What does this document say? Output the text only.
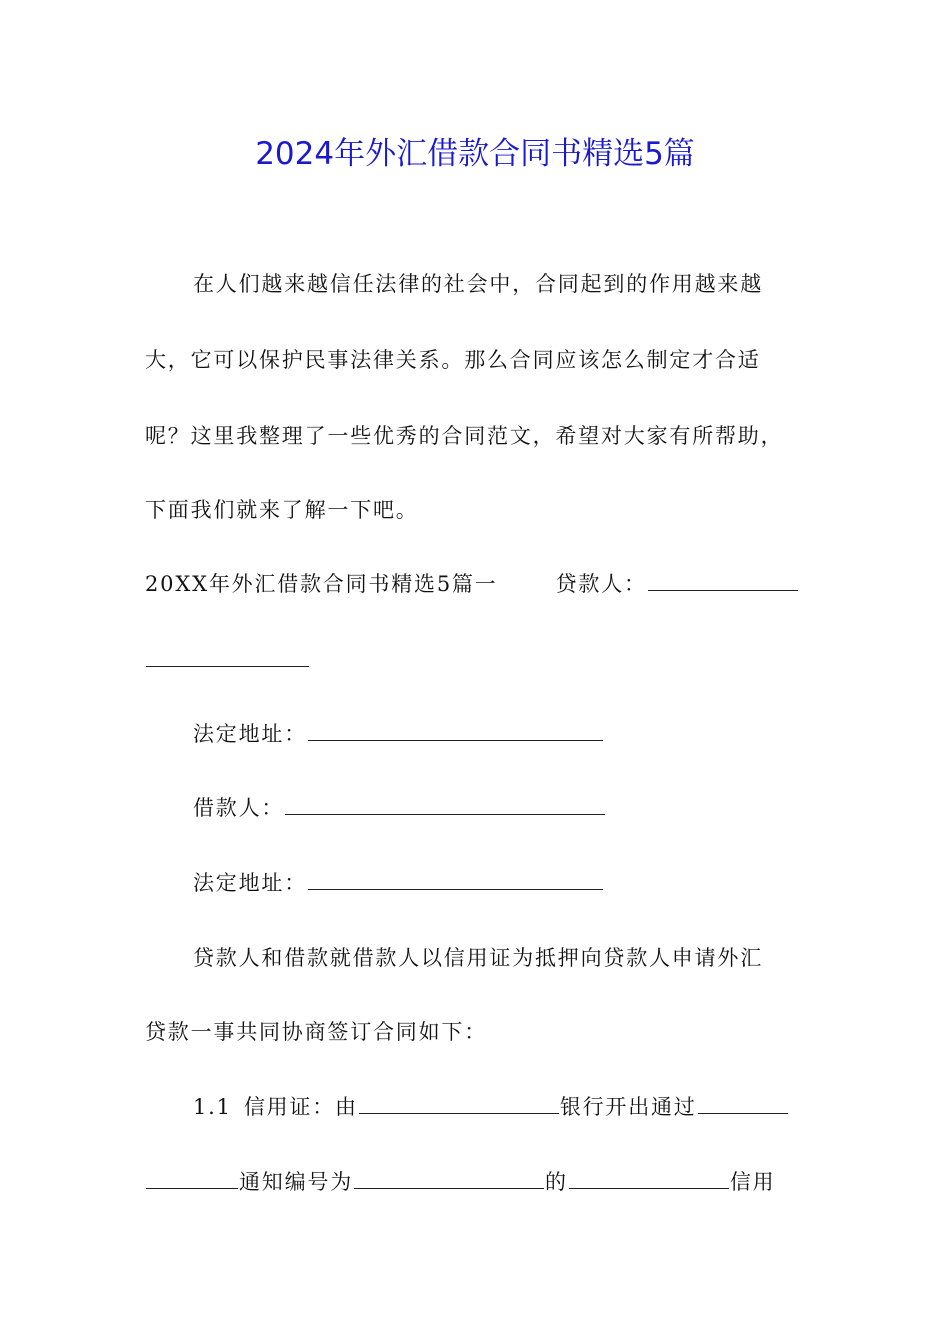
2024年外汇借款合同书精选5篇
在人们越来越信任法律的社会中，合同起到的作用越来越
大，它可以保护民事法律关系。那么合同应该怎么制定才合适
呢？这里我整理了一些优秀的合同范文，希望对大家有所帮助，
下面我们就来了解一下吧。
20XX年外汇借款合同书精选5篇一	贷款人：
法定地址：
借款人：
法定地址：
贷款人和借款就借款人以信用证为抵押向贷款人申请外汇
贷款一事共同协商签订合同如下：
1.1 信用证：由	银行开出通过
通知编号为	的	信用
